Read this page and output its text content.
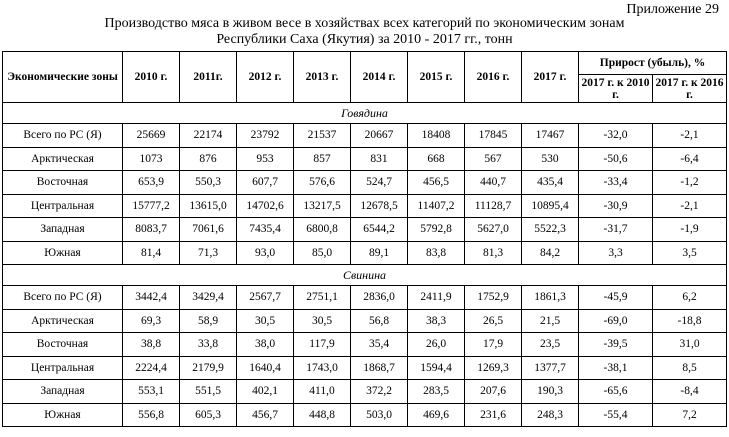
Приложение 29
Производство мяса в живом весе в хозяйствах всех категорий по экономическим зонам
Республики Саха (Якутия) за 2010 - 2017 гг., тонн
Экономические зоны	2010 г.	2011г.	2012 г.	2013 г.	2014 г.	2015 г.	2016 г.	2017 г.	Прирост (убыль), %	
									2017 г. к 2010 г.	2017 г. к 2016 г.
Говядина										
Всего по РС (Я)	25669	22174	23792	21537	20667	18408	17845	17467	-32,0	-2,1
Арктическая	1073	876	953	857	831	668	567	530	-50,6	-6,4
Восточная	653,9	550,3	607,7	576,6	524,7	456,5	440,7	435,4	-33,4	-1,2
Центральная	15777,2	13615,0	14702,6	13217,5	12678,5	11407,2	11128,7	10895,4	-30,9	-2,1
Западная	8083,7	7061,6	7435,4	6800,8	6544,2	5792,8	5627,0	5522,3	-31,7	-1,9
Южная	81,4	71,3	93,0	85,0	89,1	83,8	81,3	84,2	3,3	3,5
Свинина										
Всего по РС (Я)	3442,4	3429,4	2567,7	2751,1	2836,0	2411,9	1752,9	1861,3	-45,9	6,2
Арктическая	69,3	58,9	30,5	30,5	56,8	38,3	26,5	21,5	-69,0	-18,8
Восточная	38,8	33,8	38,0	117,9	35,4	26,0	17,9	23,5	-39,5	31,0
Центральная	2224,4	2179,9	1640,4	1743,0	1868,7	1594,4	1269,3	1377,7	-38,1	8,5
Западная	553,1	551,5	402,1	411,0	372,2	283,5	207,6	190,3	-65,6	-8,4
Южная	556,8	605,3	456,7	448,8	503,0	469,6	231,6	248,3	-55,4	7,2
